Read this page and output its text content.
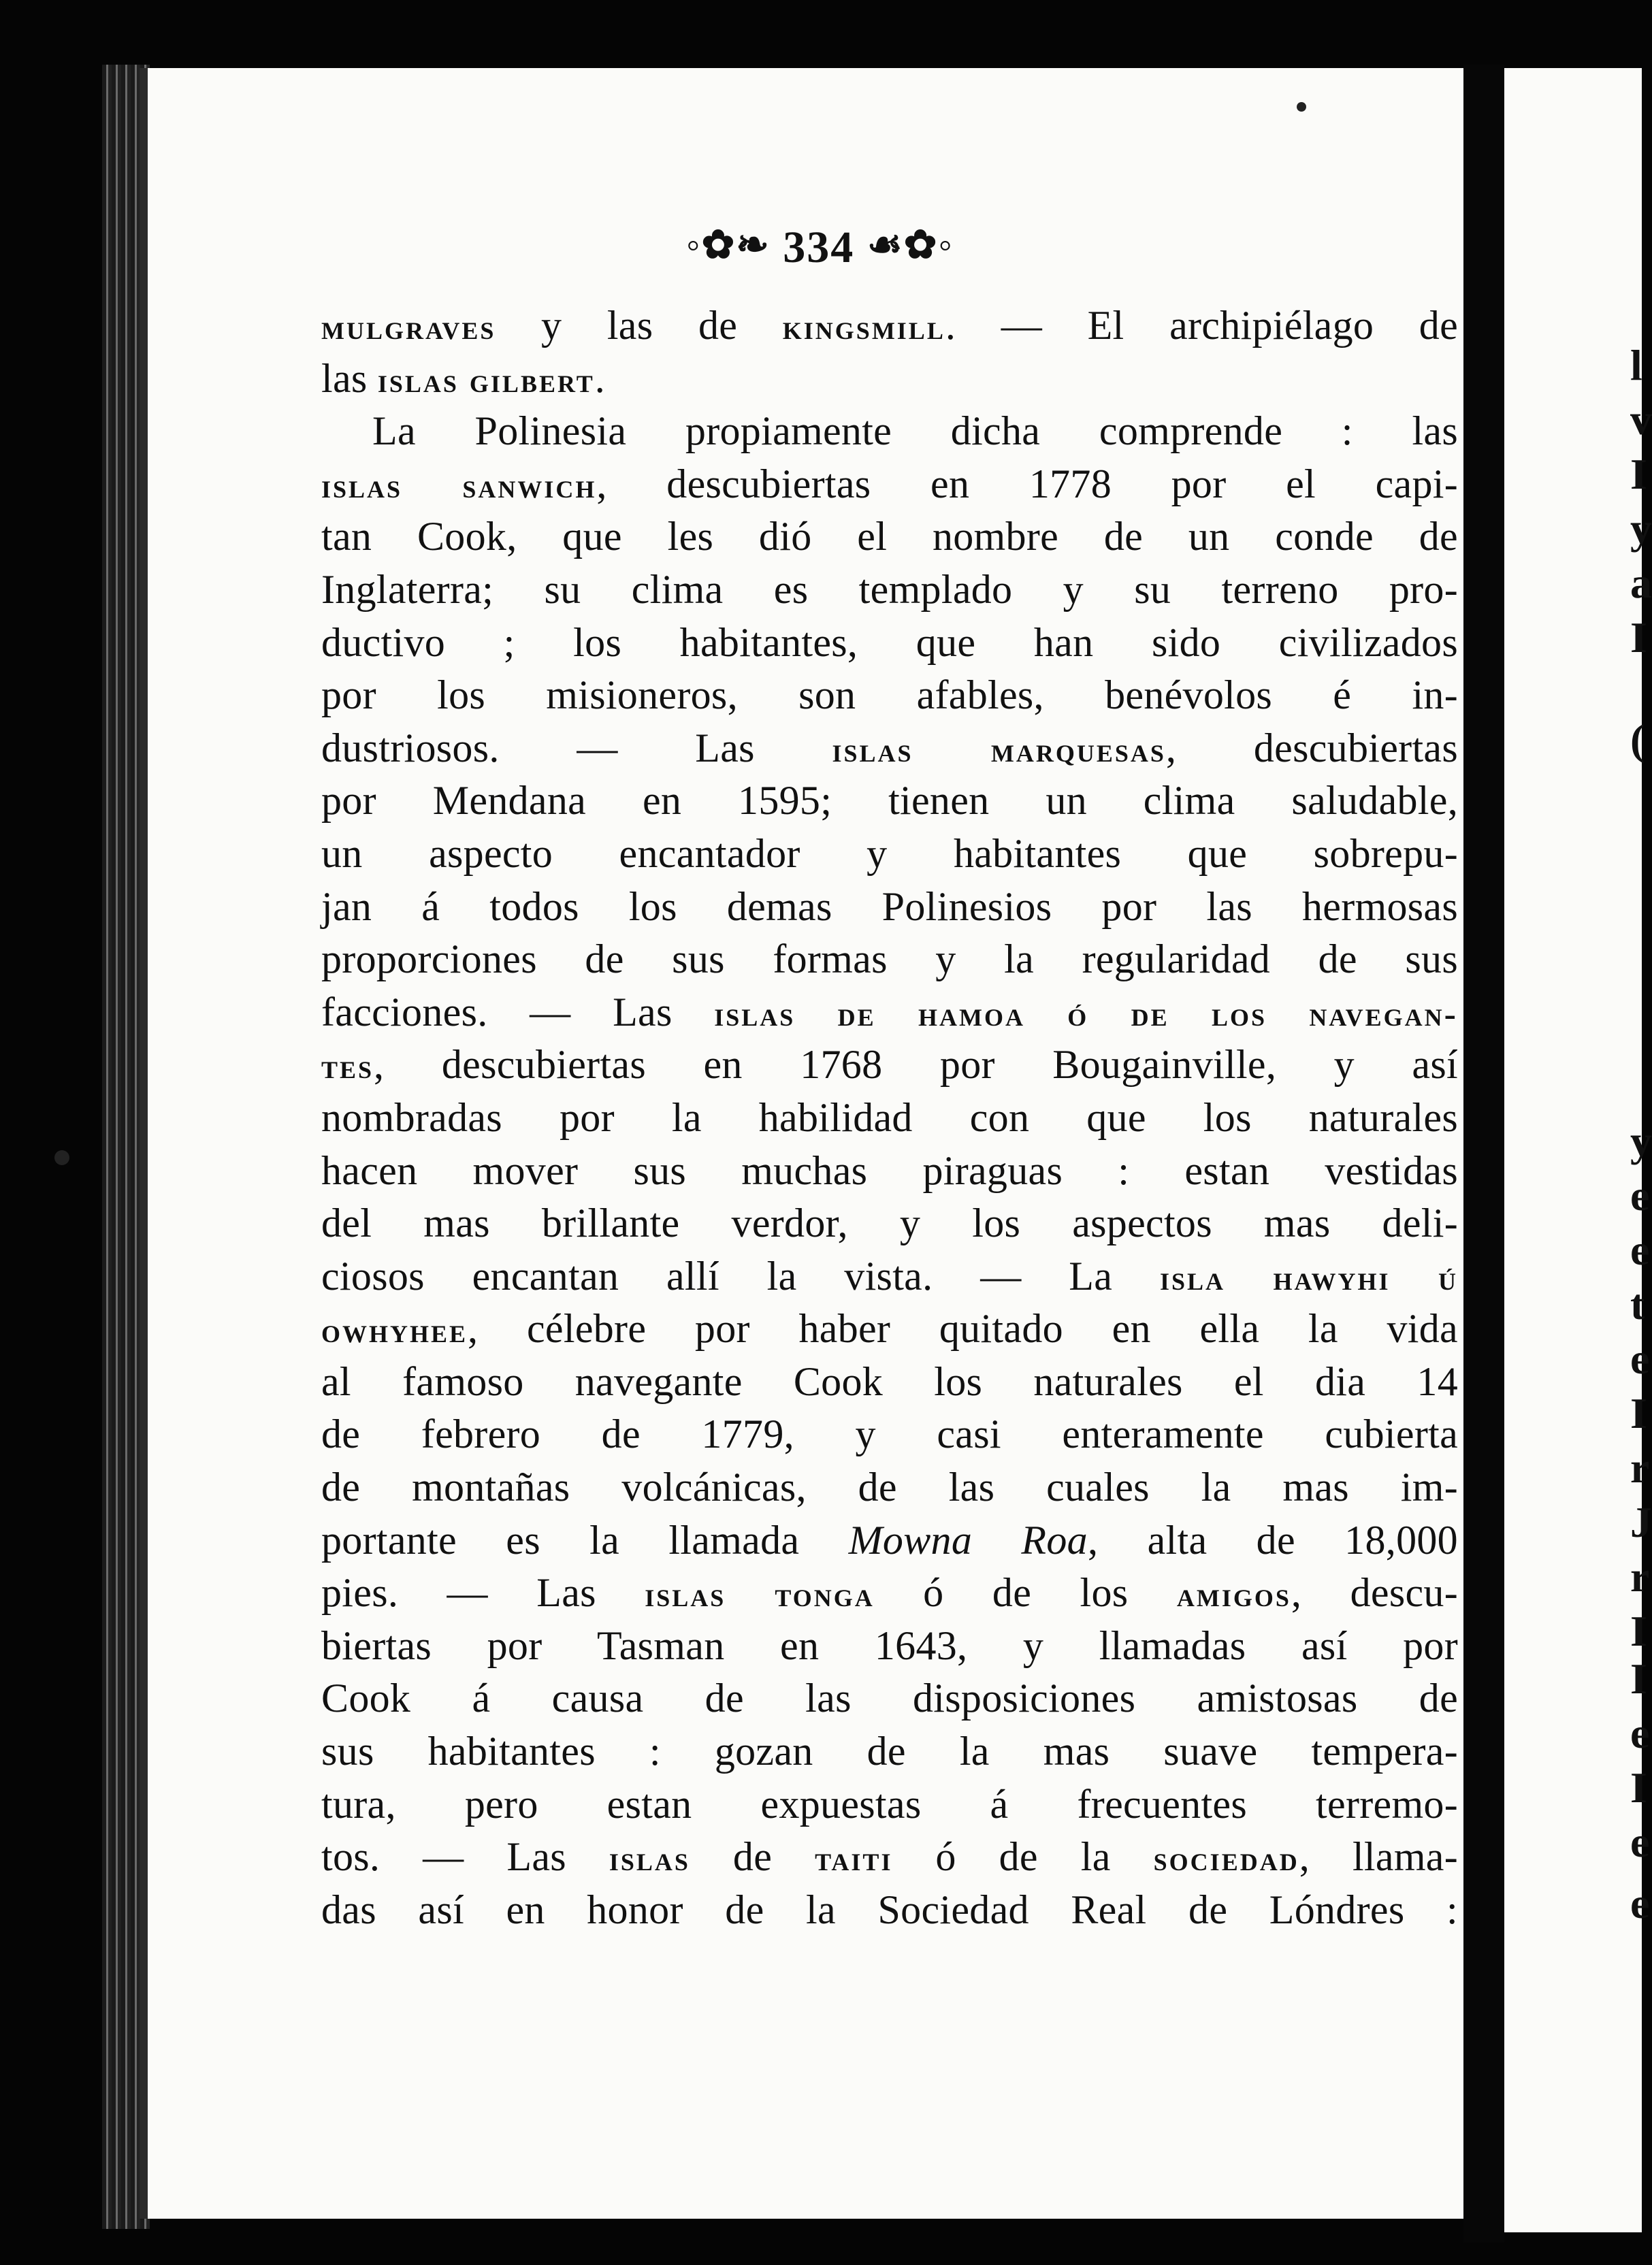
◦✿❧ 334 ☙✿◦
mulgraves y las de kingsmill. — El archipiélago de
las islas gilbert.
La Polinesia propiamente dicha comprende : las
islas sanwich, descubiertas en 1778 por el capi-
tan Cook, que les dió el nombre de un conde de
Inglaterra; su clima es templado y su terreno pro-
ductivo ; los habitantes, que han sido civilizados
por los misioneros, son afables, benévolos é in-
dustriosos. — Las islas marquesas, descubiertas
por Mendana en 1595; tienen un clima saludable,
un aspecto encantador y habitantes que sobrepu-
jan á todos los demas Polinesios por las hermosas
proporciones de sus formas y la regularidad de sus
facciones. — Las islas de hamoa ó de los navegan-
tes, descubiertas en 1768 por Bougainville, y así
nombradas por la habilidad con que los naturales
hacen mover sus muchas piraguas : estan vestidas
del mas brillante verdor, y los aspectos mas deli-
ciosos encantan allí la vista. — La isla hawyhi ú
owhyhee, célebre por haber quitado en ella la vida
al famoso navegante Cook los naturales el dia 14
de febrero de 1779, y casi enteramente cubierta
de montañas volcánicas, de las cuales la mas im-
portante es la llamada Mowna Roa, alta de 18,000
pies. — Las islas tonga ó de los amigos, descu-
biertas por Tasman en 1643, y llamadas así por
Cook á causa de las disposiciones amistosas de
sus habitantes : gozan de la mas suave tempera-
tura, pero estan expuestas á frecuentes terremo-
tos. — Las islas de taiti ó de la sociedad, llama-
das así en honor de la Sociedad Real de Lóndres :
l
v
I
y
a
I
(
y
e
e
t
e
I
r
J
r
I
I
e
I
e
e
